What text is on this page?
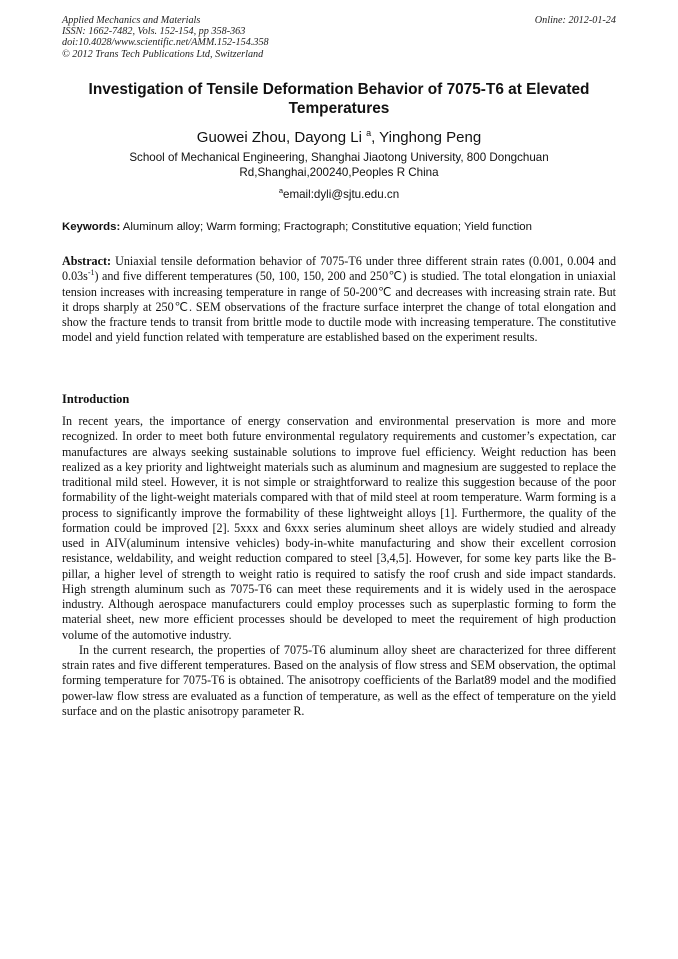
Applied Mechanics and Materials
ISSN: 1662-7482, Vols. 152-154, pp 358-363
doi:10.4028/www.scientific.net/AMM.152-154.358
© 2012 Trans Tech Publications Ltd, Switzerland
Online: 2012-01-24
Investigation of Tensile Deformation Behavior of 7075-T6 at Elevated Temperatures
Guowei Zhou, Dayong Li $^a$, Yinghong Peng
School of Mechanical Engineering, Shanghai Jiaotong University, 800 Dongchuan Rd,Shanghai,200240,Peoples R China
$^a$email:dyli@sjtu.edu.cn
Keywords: Aluminum alloy; Warm forming; Fractograph; Constitutive equation; Yield function
Abstract: Uniaxial tensile deformation behavior of 7075-T6 under three different strain rates (0.001, 0.004 and $0.03s^{-1}$) and five different temperatures (50, 100, 150, 200 and 250℃) is studied. The total elongation in uniaxial tension increases with increasing temperature in range of 50-200℃ and decreases with increasing strain rate. But it drops sharply at 250℃. SEM observations of the fracture surface interpret the change of total elongation and show the fracture tends to transit from brittle mode to ductile mode with increasing temperature. The constitutive model and yield function related with temperature are established based on the experiment results.
Introduction

In recent years, the importance of energy conservation and environmental preservation is more and more recognized. In order to meet both future environmental regulatory requirements and customer’s expectation, car manufactures are always seeking sustainable solutions to improve fuel efficiency. Weight reduction has been realized as a key priority and lightweight materials such as aluminum and magnesium are suggested to replace the traditional mild steel. However, it is not simple or straightforward to realize this suggestion because of the poor formability of the light-weight materials compared with that of mild steel at room temperature. Warm forming is a process to significantly improve the formability of these lightweight alloys [1]. Furthermore, the quality of the formation could be improved [2]. 5xxx and 6xxx series aluminum sheet alloys are widely studied and already used in AIV(aluminum intensive vehicles) body-in-white manufacturing and show their excellent corrosion resistance, weldability, and weight reduction compared to steel [3,4,5]. However, for some key parts like the B-pillar, a higher level of strength to weight ratio is required to satisfy the roof crush and side impact standards. High strength aluminum such as 7075-T6 can meet these requirements and it is widely used in the aerospace industry. Although aerospace manufacturers could employ processes such as superplastic forming to form the material sheet, new more efficient processes should be developed to meet the requirement of high production volume of the automotive industry.

In the current research, the properties of 7075-T6 aluminum alloy sheet are characterized for three different strain rates and five different temperatures. Based on the analysis of flow stress and SEM observation, the optimal forming temperature for 7075-T6 is obtained. The anisotropy coefficients of the Barlat89 model and the modified power-law flow stress are evaluated as a function of temperature, as well as the effect of temperature on the yield surface and on the plastic anisotropy parameter R.
